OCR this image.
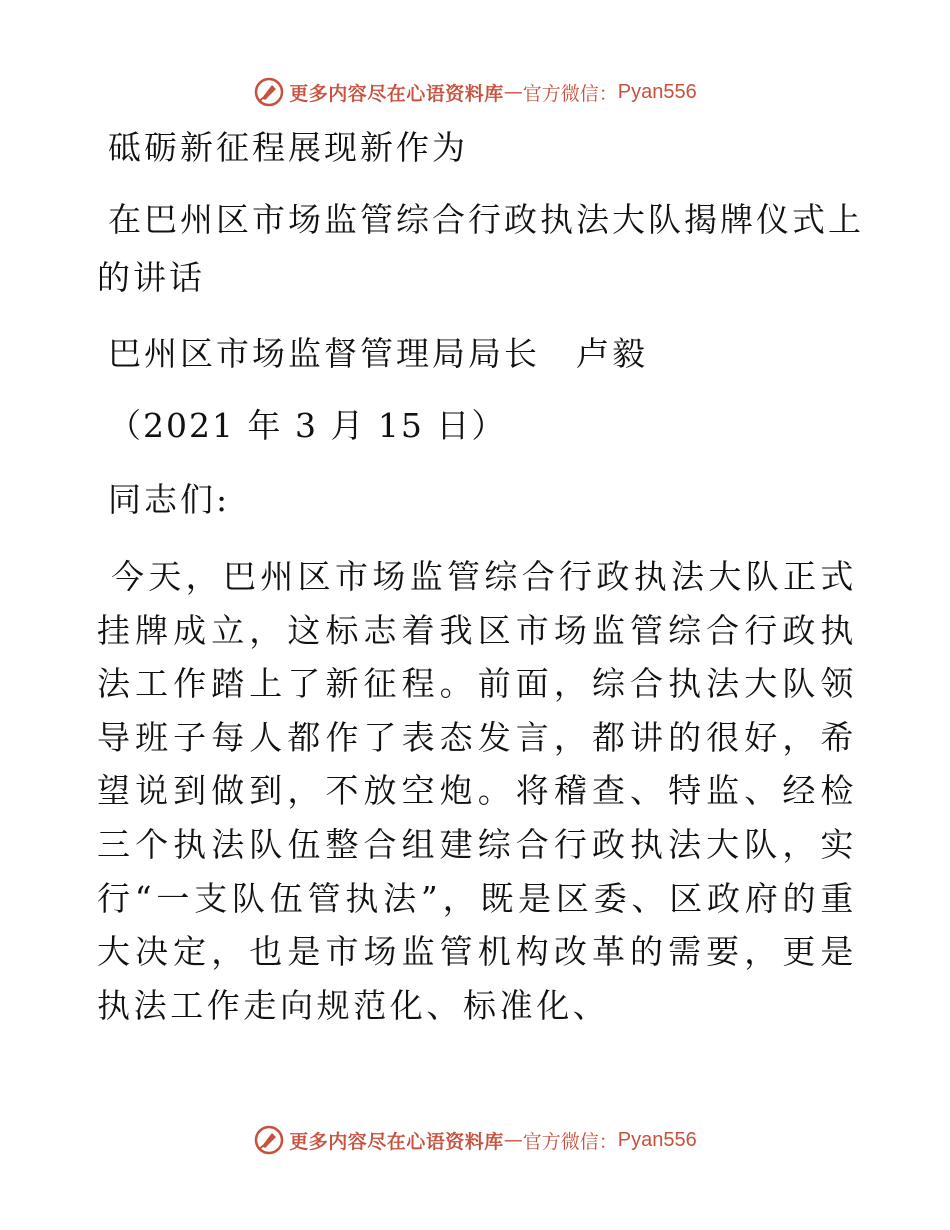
更多内容尽在心语资料库 — 官方微信： Pyan556
砥砺新征程展现新作为
在巴州区市场监管综合行政执法大队揭牌仪式上
的讲话
巴州区市场监督管理局局长　卢毅
（2021 年 3 月 15 日）
同志们:
今天，巴州区市场监管综合行政执法大队正式挂牌成立，这标志着我区市场监管综合行政执法工作踏上了新征程。前面，综合执法大队领导班子每人都作了表态发言，都讲的很好，希望说到做到，不放空炮。将稽查、特监、经检三个执法队伍整合组建综合行政执法大队，实行“一支队伍管执法”，既是区委、区政府的重大决定，也是市场监管机构改革的需要，更是执法工作走向规范化、标准化、
更多内容尽在心语资料库 — 官方微信： Pyan556
